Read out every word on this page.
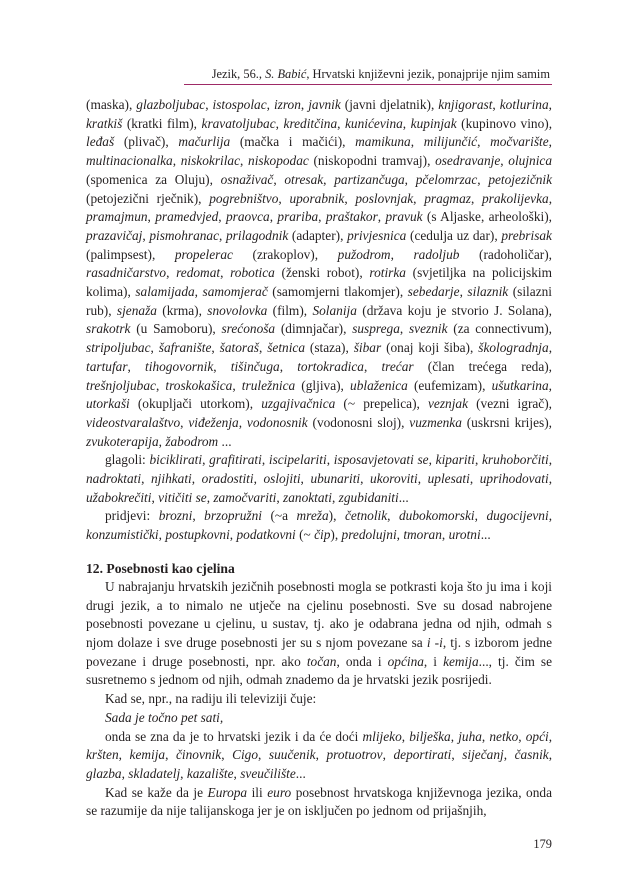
Jezik, 56., S. Babić, Hrvatski književni jezik, ponajprije njim samim

(maska), glazboljubac, istospolac, izron, javnik (javni djelatnik), knjigorast, kotlurina, kratkiš (kratki film), kravatoljubac, kreditčina, kunićevina, kupinjak (kupinovo vino), leđaš (plivač), mačurlija (mačka i mačići), mamikuna, milijunčić, močvarište, multinacionalka, niskokrilac, niskopodac (niskopodni tramvaj), osedravanje, olujnica (spomenica za Oluju), osnaživač, otresak, partizančuga, pčelomrzac, petojezičnik (petojezični rječnik), pogrebništvo, uporabnik, poslovnjak, pragmaz, prakolijevka, pramajmun, pramedvjed, praovca, prariba, praštakor, pravuk (s Aljaske, arheološki), prazavičaj, pismohranac, prilagodnik (adapter), privjesnica (cedulja uz dar), prebrisak (palimpsest), propelerac (zrakoplov), pužodrom, radoljub (radoholičar), rasadničarstvo, redomat, robotica (ženski robot), rotirka (svjetiljka na policijskim kolima), salamijada, samomjerač (samomjerni tlakomjer), sebedarje, silaznik (silazni rub), sjenaža (krma), snovolovka (film), Solanija (država koju je stvorio J. Solana), srakotrk (u Samoboru), srećonoša (dimnjačar), susprega, sveznik (za connectivum), stripoljubac, šafranište, šatoraš, šetnica (staza), šibar (onaj koji šiba), škologradnja, tartufar, tihogovornik, tišinčuga, tortokradica, trećar (član trećega reda), trešnjoljubac, troskokašica, truležnica (gljiva), ublaženica (eufemizam), ušutkarina, utorkaši (okupljači utorkom), uzgajivačnica (~ prepelica), veznjak (vezni igrač), videostvaralaštvo, viđeženja, vodonosnik (vodonosni sloj), vuzmenka (uskrsni krijes), zvukoterapija, žabodrom ...

glagoli: biciklirati, grafitirati, iscipelariti, isposavjetovati se, kipariti, kruhoborčiti, nadroktati, njihkati, oradostiti, oslojiti, ubunariti, ukoroviti, uplesati, uprihodovati, užabokrečiti, vitičiti se, zamočvariti, zanoktati, zgubidaniti...

pridjevi: brozni, brzopružni (~a mreža), četnolik, dubokomorski, dugocijevni, konzumistički, postupkovni, podatkovni (~ čip), predolujni, tmoran, urotni...

12. Posebnosti kao cjelina

U nabrajanju hrvatskih jezičnih posebnosti mogla se potkrasti koja što ju ima i koji drugi jezik, a to nimalo ne utječe na cjelinu posebnosti. Sve su dosad nabrojene posebnosti povezane u cjelinu, u sustav, tj. ako je odabrana jedna od njih, odmah s njom dolaze i sve druge posebnosti jer su s njom povezane sa i -i, tj. s izborom jedne povezane i druge posebnosti, npr. ako točan, onda i općina, i kemija..., tj. čim se susretnemo s jednom od njih, odmah znademo da je hrvatski jezik posrijedi.

Kad se, npr., na radiju ili televiziji čuje:

Sada je točno pet sati,

onda se zna da je to hrvatski jezik i da će doći mlijeko, bilješka, juha, netko, opći, kršten, kemija, činovnik, Cigo, suučenik, protuotrov, deportirati, siječanj, časnik, glazba, skladatelj, kazalište, sveučilište...

Kad se kaže da je Europa ili euro posebnost hrvatskoga književnoga jezika, onda se razumije da nije talijanskoga jer je on isključen po jednom od prijašnjih,

179
